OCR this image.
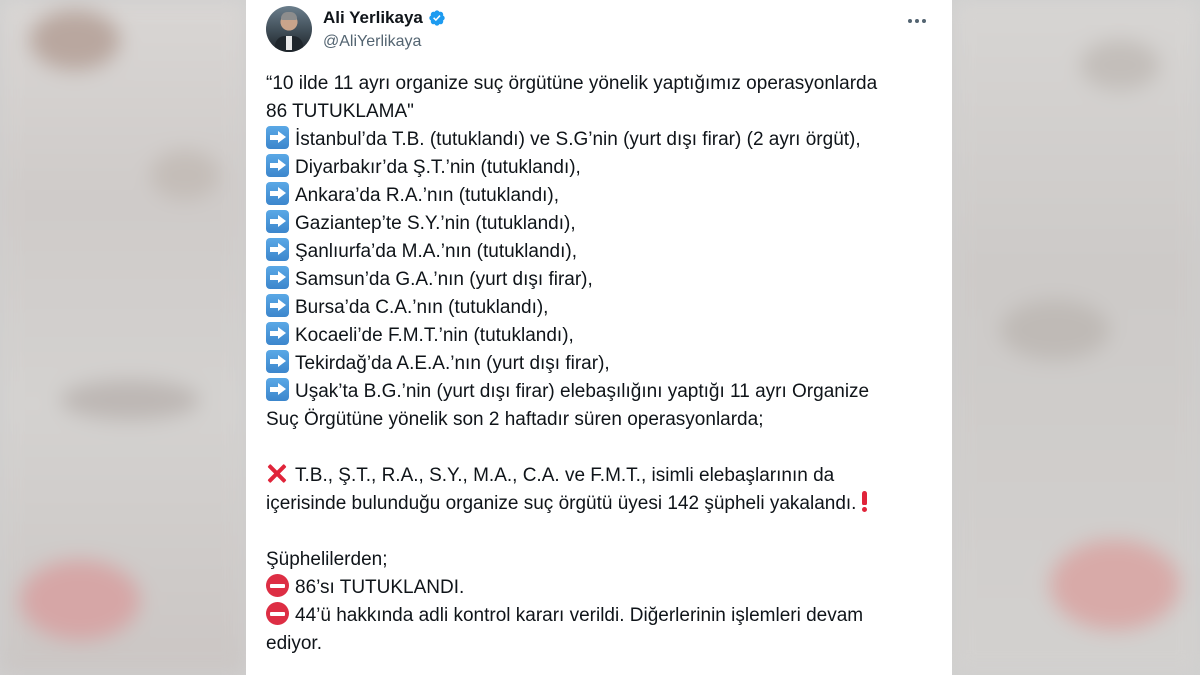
Ali Yerlikaya
@AliYerlikaya
“10 ilde 11 ayrı organize suç örgütüne yönelik yaptığımız operasyonlarda
86 TUTUKLAMA"
İstanbul’da T.B. (tutuklandı) ve S.G’nin (yurt dışı firar) (2 ayrı örgüt),
Diyarbakır’da Ş.T.’nin (tutuklandı),
Ankara’da R.A.’nın (tutuklandı),
Gaziantep’te S.Y.’nin (tutuklandı),
Şanlıurfa’da M.A.’nın (tutuklandı),
Samsun’da G.A.’nın (yurt dışı firar),
Bursa’da C.A.’nın (tutuklandı),
Kocaeli’de F.M.T.’nin (tutuklandı),
Tekirdağ’da A.E.A.’nın (yurt dışı firar),
Uşak’ta B.G.’nin (yurt dışı firar) elebaşılığını yaptığı 11 ayrı Organize
Suç Örgütüne yönelik son 2 haftadır süren operasyonlarda;
T.B., Ş.T., R.A., S.Y., M.A., C.A. ve F.M.T., isimli elebaşlarının da
içerisinde bulunduğu organize suç örgütü üyesi 142 şüpheli yakalandı.
Şüphelilerden;
86’sı TUTUKLANDI.
44’ü hakkında adli kontrol kararı verildi. Diğerlerinin işlemleri devam
ediyor.
